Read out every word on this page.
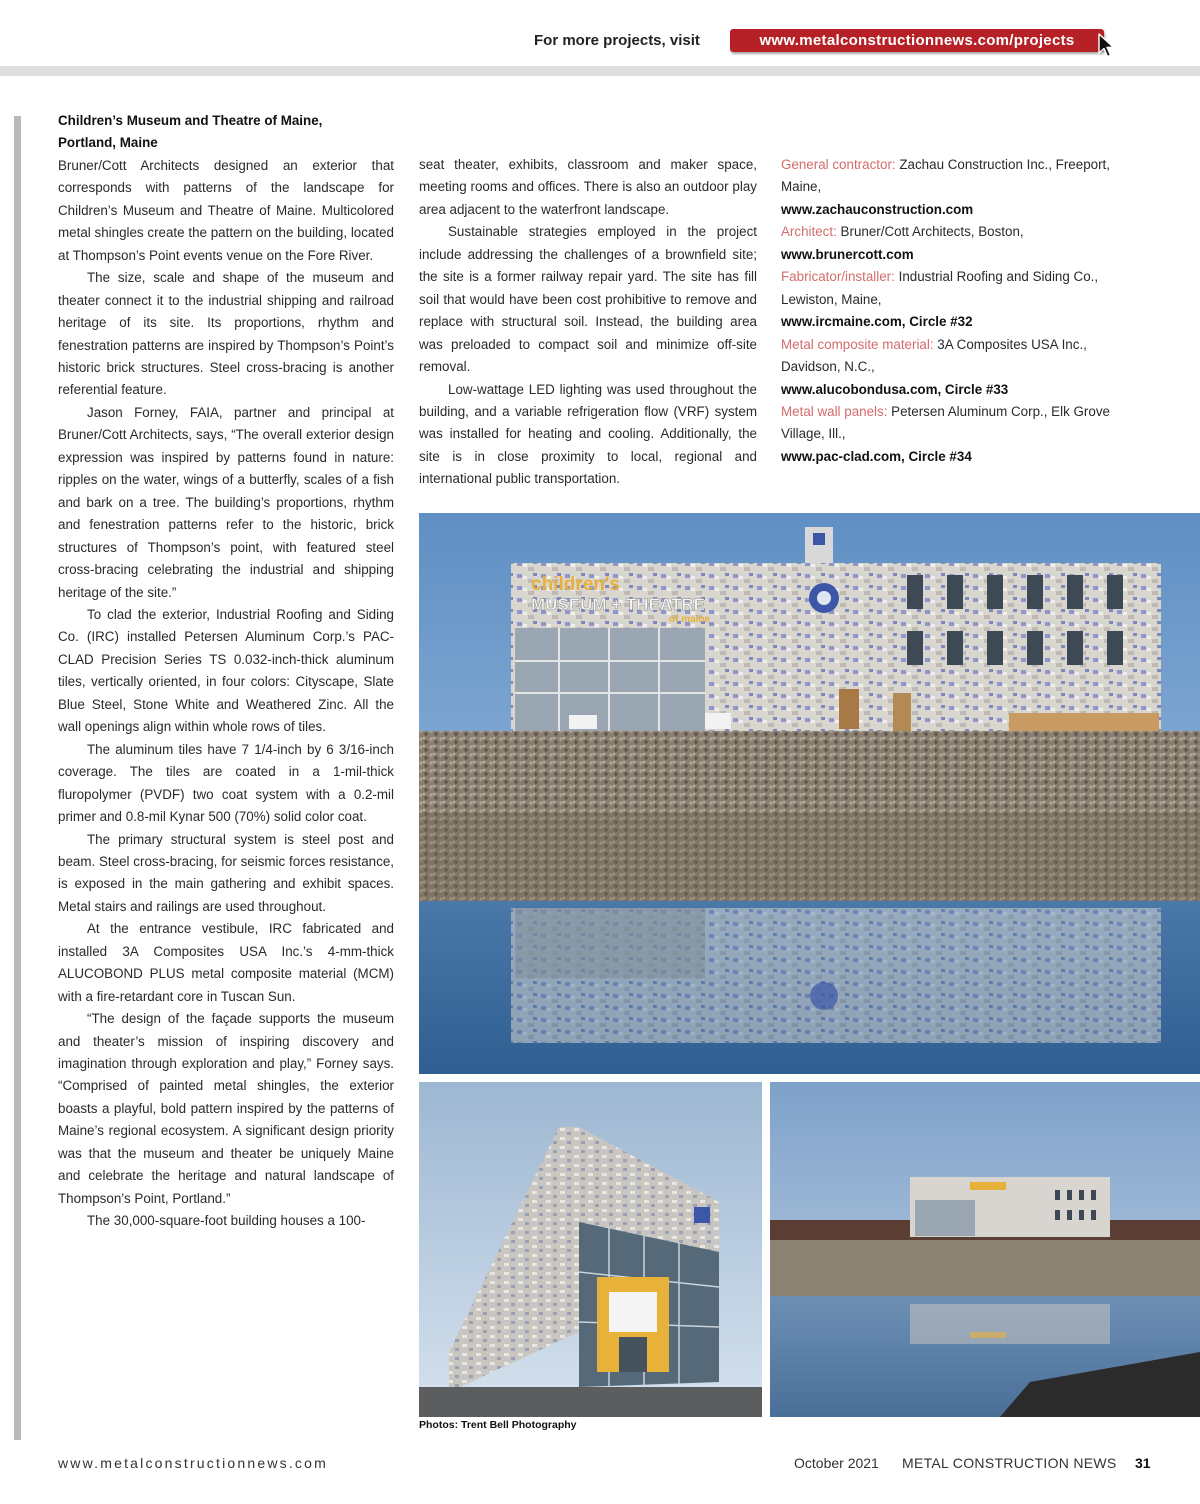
For more projects, visit	www.metalconstructionnews.com/projects
Children’s Museum and Theatre of Maine,
Portland, Maine

Bruner/Cott Architects designed an exterior that corresponds with patterns of the landscape for Children’s Museum and Theatre of Maine. Multicolored metal shingles create the pattern on the building, located at Thompson’s Point events venue on the Fore River.

The size, scale and shape of the museum and theater connect it to the industrial shipping and railroad heritage of its site. Its proportions, rhythm and fenestration patterns are inspired by Thompson’s Point’s historic brick structures. Steel cross-bracing is another referential feature.

Jason Forney, FAIA, partner and principal at Bruner/Cott Architects, says, “The overall exterior design expression was inspired by patterns found in nature: ripples on the water, wings of a butterfly, scales of a fish and bark on a tree. The building’s proportions, rhythm and fenestration patterns refer to the historic, brick structures of Thompson’s point, with featured steel cross-bracing celebrating the industrial and shipping heritage of the site.”

To clad the exterior, Industrial Roofing and Siding Co. (IRC) installed Petersen Aluminum Corp.’s PAC-CLAD Precision Series TS 0.032-inch-thick aluminum tiles, vertically oriented, in four colors: Cityscape, Slate Blue Steel, Stone White and Weathered Zinc. All the wall openings align within whole rows of tiles.

The aluminum tiles have 7 1/4-inch by 6 3/16-inch coverage. The tiles are coated in a 1-mil-thick fluropolymer (PVDF) two coat system with a 0.2-mil primer and 0.8-mil Kynar 500 (70%) solid color coat.

The primary structural system is steel post and beam. Steel cross-bracing, for seismic forces resistance, is exposed in the main gathering and exhibit spaces. Metal stairs and railings are used throughout.

At the entrance vestibule, IRC fabricated and installed 3A Composites USA Inc.’s 4-mm-thick ALUCOBOND PLUS metal composite material (MCM) with a fire-retardant core in Tuscan Sun.

“The design of the façade supports the museum and theater’s mission of inspiring discovery and imagination through exploration and play,” Forney says. “Comprised of painted metal shingles, the exterior boasts a playful, bold pattern inspired by the patterns of Maine’s regional ecosystem. A significant design priority was that the museum and theater be uniquely Maine and celebrate the heritage and natural landscape of Thompson’s Point, Portland.”

The 30,000-square-foot building houses a 100-

seat theater, exhibits, classroom and maker space, meeting rooms and offices. There is also an outdoor play area adjacent to the waterfront landscape.

Sustainable strategies employed in the project include addressing the challenges of a brownfield site; the site is a former railway repair yard. The site has fill soil that would have been cost prohibitive to remove and replace with structural soil. Instead, the building area was preloaded to compact soil and minimize off-site removal.

Low-wattage LED lighting was used throughout the building, and a variable refrigeration flow (VRF) system was installed for heating and cooling. Additionally, the site is in close proximity to local, regional and international public transportation.

General contractor: Zachau Construction Inc., Freeport, Maine,
www.zachauconstruction.com
Architect: Bruner/Cott Architects, Boston,
www.brunercott.com
Fabricator/installer: Industrial Roofing and Siding Co., Lewiston, Maine,
www.ircmaine.com, Circle #32
Metal composite material: 3A Composites USA Inc., Davidson, N.C.,
www.alucobondusa.com, Circle #33
Metal wall panels: Petersen Aluminum Corp., Elk Grove Village, Ill.,
www.pac-clad.com, Circle #34
children's
MUSEUM + THEATRE
of maine
Photos: Trent Bell Photography
www.metalconstructionnews.com	October 2021 METAL CONSTRUCTION NEWS 31
